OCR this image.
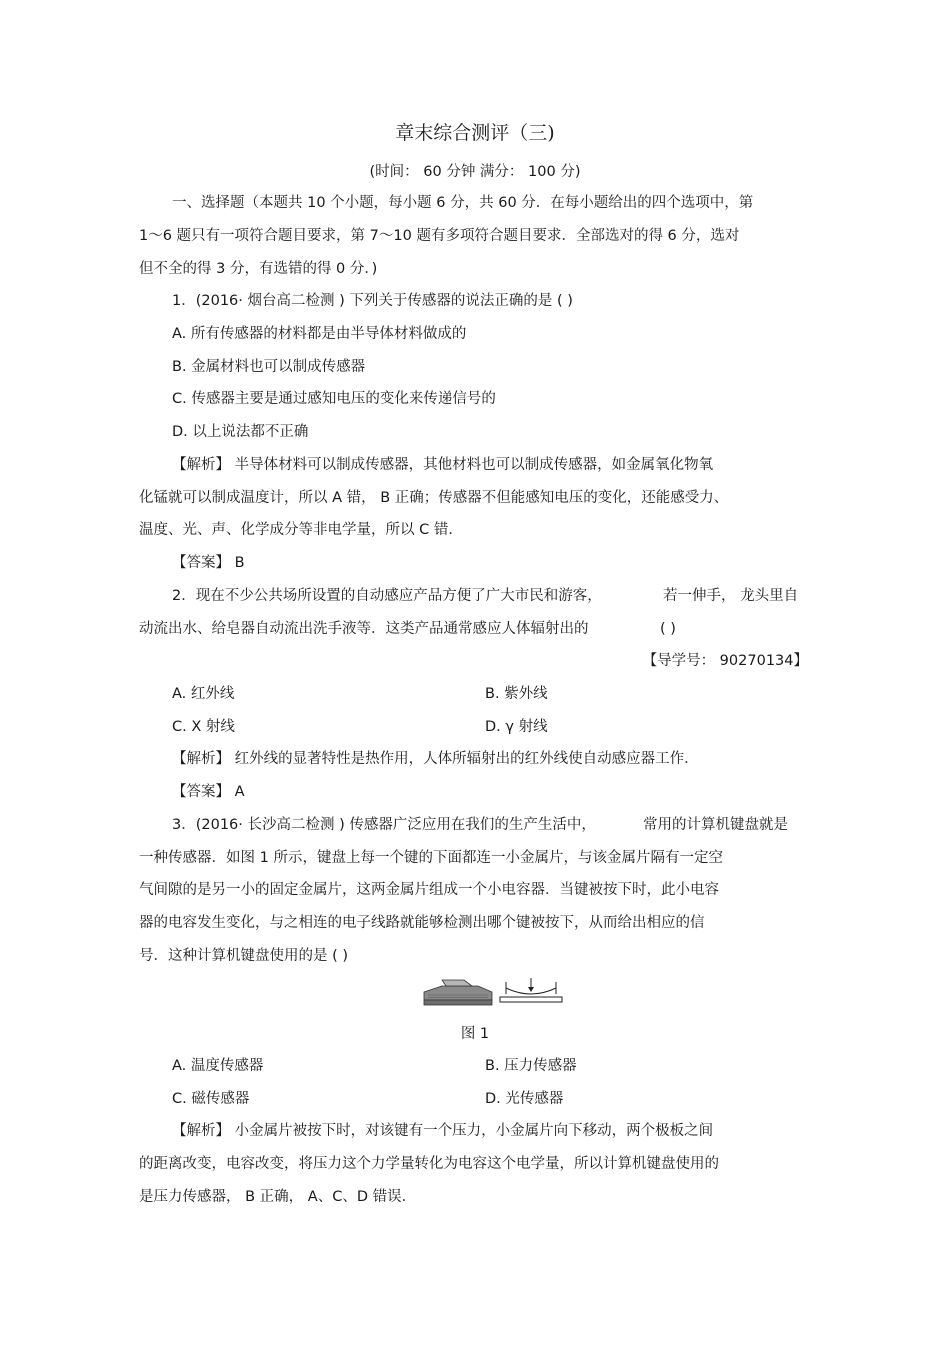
章末综合测评（三)
(时间： 60 分钟 满分： 100 分)
一、选择题（本题共 10 个小题，每小题 6 分，共 60 分．在每小题给出的四个选项中，第
1～6 题只有一项符合题目要求，第 7～10 题有多项符合题目要求．全部选对的得 6 分，选对
但不全的得 3 分，有选错的得 0 分．)
1．(2016· 烟台高二检测 ) 下列关于传感器的说法正确的是 ( )
A. 所有传感器的材料都是由半导体材料做成的
B. 金属材料也可以制成传感器
C. 传感器主要是通过感知电压的变化来传递信号的
D. 以上说法都不正确
【解析】 半导体材料可以制成传感器，其他材料也可以制成传感器，如金属氧化物氧
化锰就可以制成温度计，所以 A 错， B 正确；传感器不但能感知电压的变化，还能感受力、
温度、光、声、化学成分等非电学量，所以 C 错．
【答案】 B
2．现在不少公共场所设置的自动感应产品方便了广大市民和游客，	若一伸手， 龙头里自
动流出水、给皂器自动流出洗手液等．这类产品通常感应人体辐射出的	( )
【导学号： 90270134】
A. 红外线	B. 紫外线
C. X 射线	D. γ 射线
【解析】 红外线的显著特性是热作用，人体所辐射出的红外线使自动感应器工作．
【答案】 A
3．(2016· 长沙高二检测 ) 传感器广泛应用在我们的生产生活中，	常用的计算机键盘就是
一种传感器．如图 1 所示，键盘上每一个键的下面都连一小金属片，与该金属片隔有一定空
气间隙的是另一小的固定金属片，这两金属片组成一个小电容器．当键被按下时，此小电容
器的电容发生变化，与之相连的电子线路就能够检测出哪个键被按下，从而给出相应的信
号．这种计算机键盘使用的是 ( )
图 1
A. 温度传感器	B. 压力传感器
C. 磁传感器	D. 光传感器
【解析】 小金属片被按下时，对该键有一个压力，小金属片向下移动，两个极板之间
的距离改变，电容改变，将压力这个力学量转化为电容这个电学量，所以计算机键盘使用的
是压力传感器， B 正确， A、C、D 错误．
